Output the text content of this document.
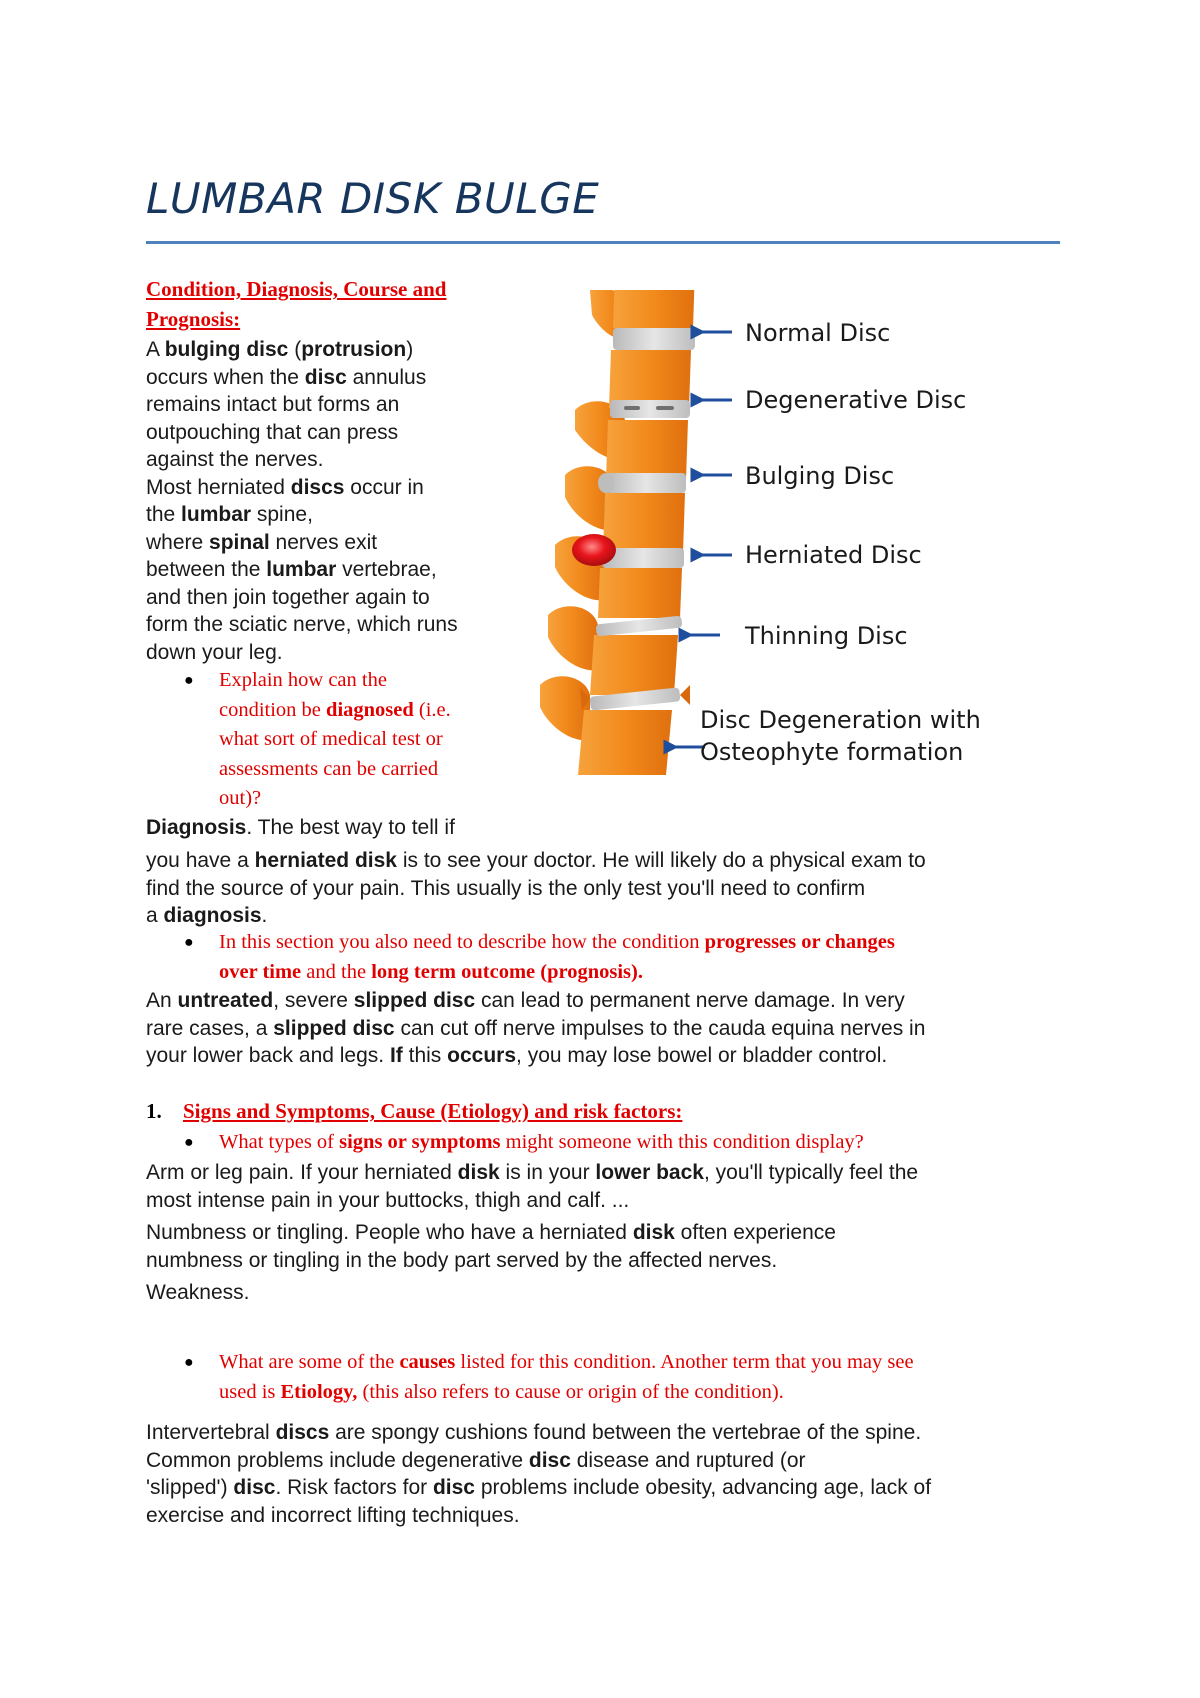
LUMBAR DISK BULGE
Condition, Diagnosis, Course and
Prognosis:
A bulging disc (protrusion)
occurs when the disc annulus
remains intact but forms an
outpouching that can press
against the nerves.
Most herniated discs occur in
the lumbar spine,
where spinal nerves exit
between the lumbar vertebrae,
and then join together again to
form the sciatic nerve, which runs
down your leg.
● Explain how can the
condition be diagnosed (i.e.
what sort of medical test or
assessments can be carried
out)?
Diagnosis. The best way to tell if
you have a herniated disk is to see your doctor. He will likely do a physical exam to
find the source of your pain. This usually is the only test you'll need to confirm
a diagnosis.
● In this section you also need to describe how the condition progresses or changes
over time and the long term outcome (prognosis).
An untreated, severe slipped disc can lead to permanent nerve damage. In very
rare cases, a slipped disc can cut off nerve impulses to the cauda equina nerves in
your lower back and legs. If this occurs, you may lose bowel or bladder control.
1. Signs and Symptoms, Cause (Etiology) and risk factors:
● What types of signs or symptoms might someone with this condition display?
Arm or leg pain. If your herniated disk is in your lower back, you'll typically feel the
most intense pain in your buttocks, thigh and calf. ...
Numbness or tingling. People who have a herniated disk often experience
numbness or tingling in the body part served by the affected nerves.
Weakness.
● What are some of the causes listed for this condition. Another term that you may see
used is Etiology, (this also refers to cause or origin of the condition).
Intervertebral discs are spongy cushions found between the vertebrae of the spine.
Common problems include degenerative disc disease and ruptured (or
'slipped') disc. Risk factors for disc problems include obesity, advancing age, lack of
exercise and incorrect lifting techniques.
Normal Disc
Degenerative Disc
Bulging Disc
Herniated Disc
Thinning Disc
Disc Degeneration with
Osteophyte formation
